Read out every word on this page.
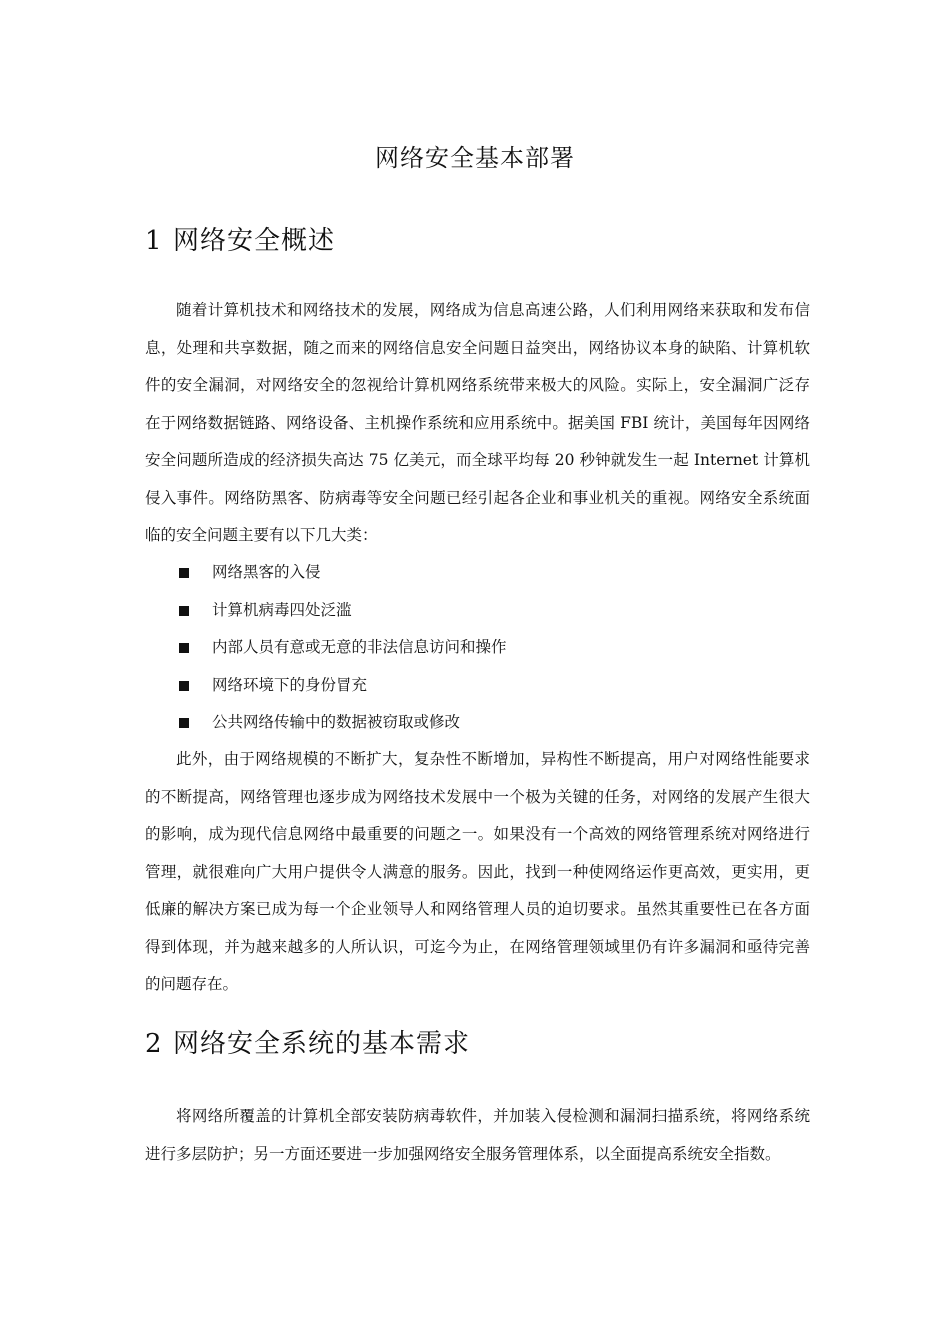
网络安全基本部署
1 网络安全概述

随着计算机技术和网络技术的发展，网络成为信息高速公路，人们利用网络来获取和发布信息，处理和共享数据，随之而来的网络信息安全问题日益突出，网络协议本身的缺陷、计算机软件的安全漏洞，对网络安全的忽视给计算机网络系统带来极大的风险。实际上，安全漏洞广泛存在于网络数据链路、网络设备、主机操作系统和应用系统中。据美国 FBI 统计，美国每年因网络安全问题所造成的经济损失高达 75 亿美元，而全球平均每 20 秒钟就发生一起 Internet 计算机侵入事件。网络防黑客、防病毒等安全问题已经引起各企业和事业机关的重视。网络安全系统面临的安全问题主要有以下几大类：

网络黑客的入侵
计算机病毒四处泛滥
内部人员有意或无意的非法信息访问和操作
网络环境下的身份冒充
公共网络传输中的数据被窃取或修改

此外，由于网络规模的不断扩大，复杂性不断增加，异构性不断提高，用户对网络性能要求的不断提高，网络管理也逐步成为网络技术发展中一个极为关键的任务，对网络的发展产生很大的影响，成为现代信息网络中最重要的问题之一。如果没有一个高效的网络管理系统对网络进行管理，就很难向广大用户提供令人满意的服务。因此，找到一种使网络运作更高效，更实用，更低廉的解决方案已成为每一个企业领导人和网络管理人员的迫切要求。虽然其重要性已在各方面得到体现，并为越来越多的人所认识，可迄今为止，在网络管理领域里仍有许多漏洞和亟待完善的问题存在。

2 网络安全系统的基本需求

将网络所覆盖的计算机全部安装防病毒软件，并加装入侵检测和漏洞扫描系统，将网络系统进行多层防护；另一方面还要进一步加强网络安全服务管理体系，以全面提高系统安全指数。
